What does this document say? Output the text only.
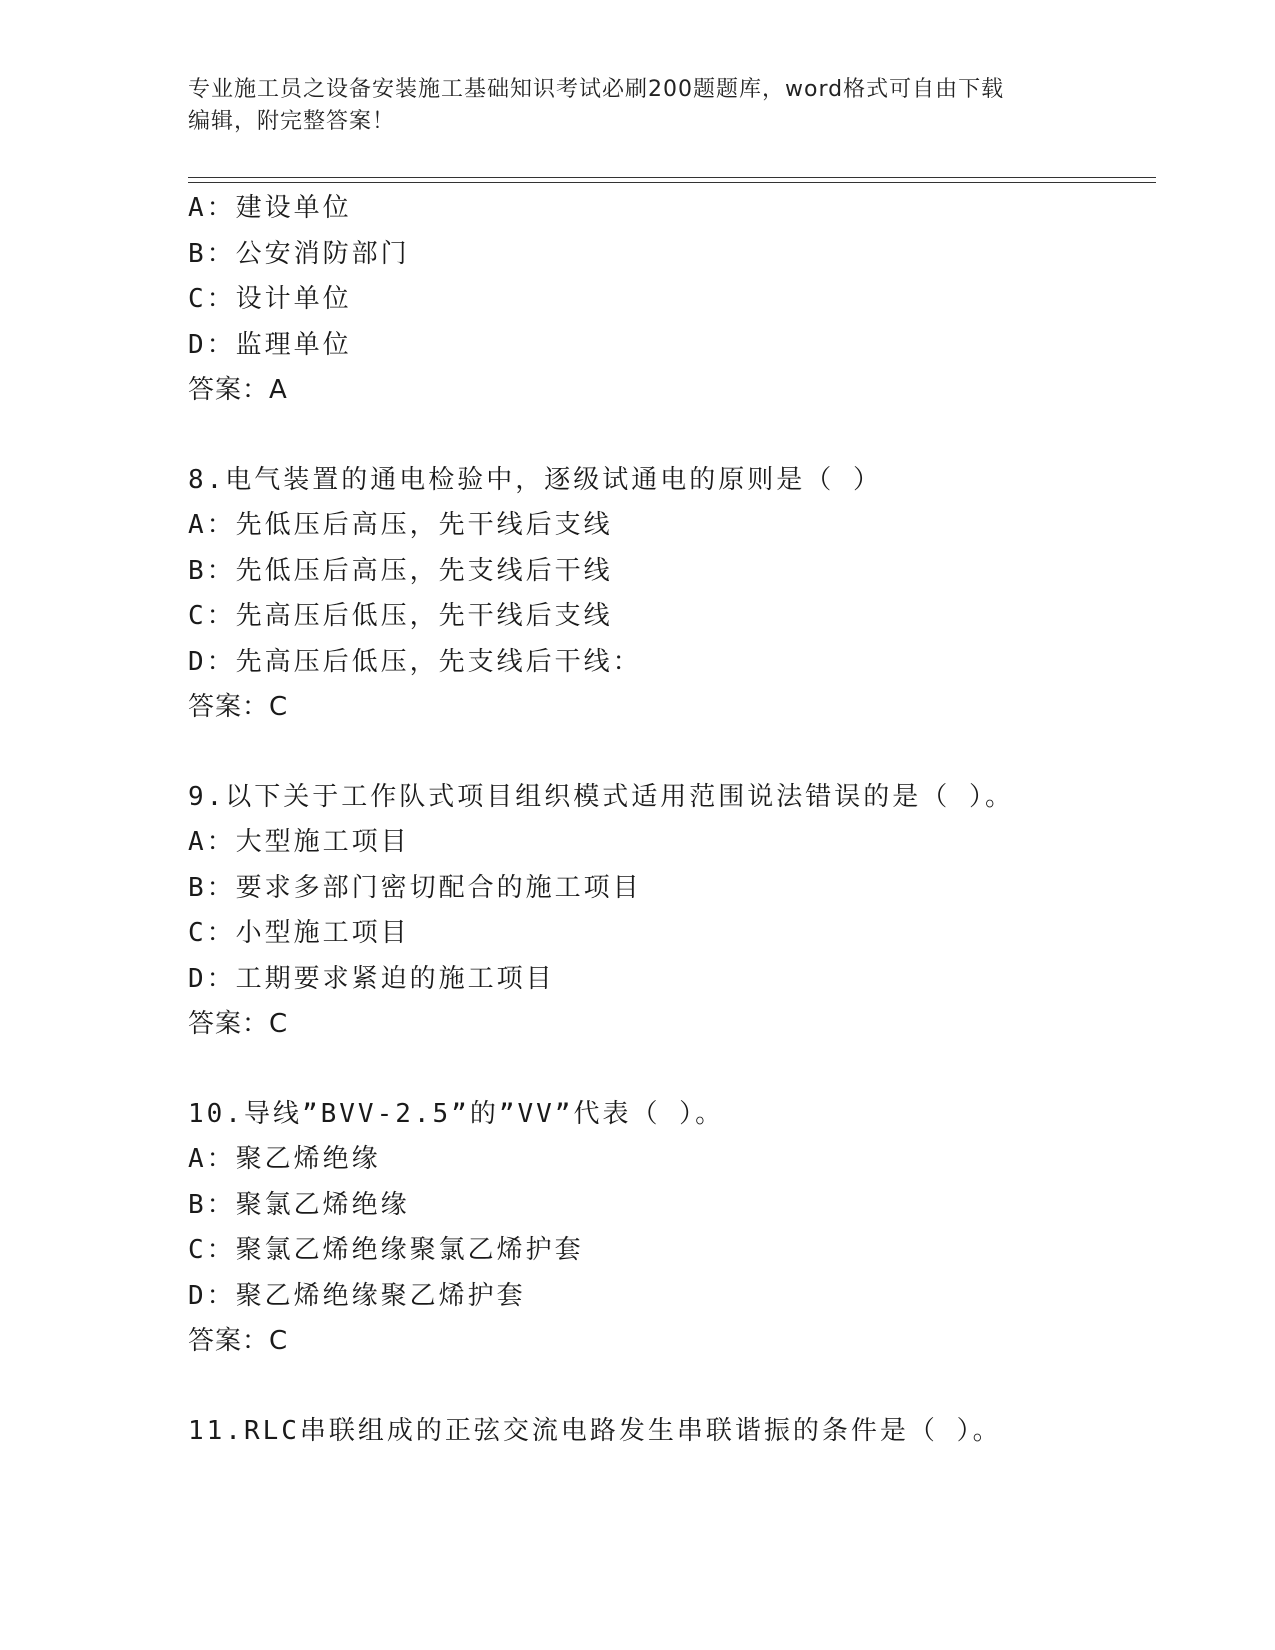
专业施工员之设备安装施工基础知识考试必刷200题题库，word格式可自由下载
编辑，附完整答案！
A：建设单位
B：公安消防部门
C：设计单位
D：监理单位
答案：A
8.电气装置的通电检验中，逐级试通电的原则是（ ）
A：先低压后高压，先干线后支线
B：先低压后高压，先支线后干线
C：先高压后低压，先干线后支线
D：先高压后低压，先支线后干线：
答案：C
9.以下关于工作队式项目组织模式适用范围说法错误的是（ ）。
A：大型施工项目
B：要求多部门密切配合的施工项目
C：小型施工项目
D：工期要求紧迫的施工项目
答案：C
10.导线”BVV-2.5”的”VV”代表（ ）。
A：聚乙烯绝缘
B：聚氯乙烯绝缘
C：聚氯乙烯绝缘聚氯乙烯护套
D：聚乙烯绝缘聚乙烯护套
答案：C
11.RLC串联组成的正弦交流电路发生串联谐振的条件是（ ）。
